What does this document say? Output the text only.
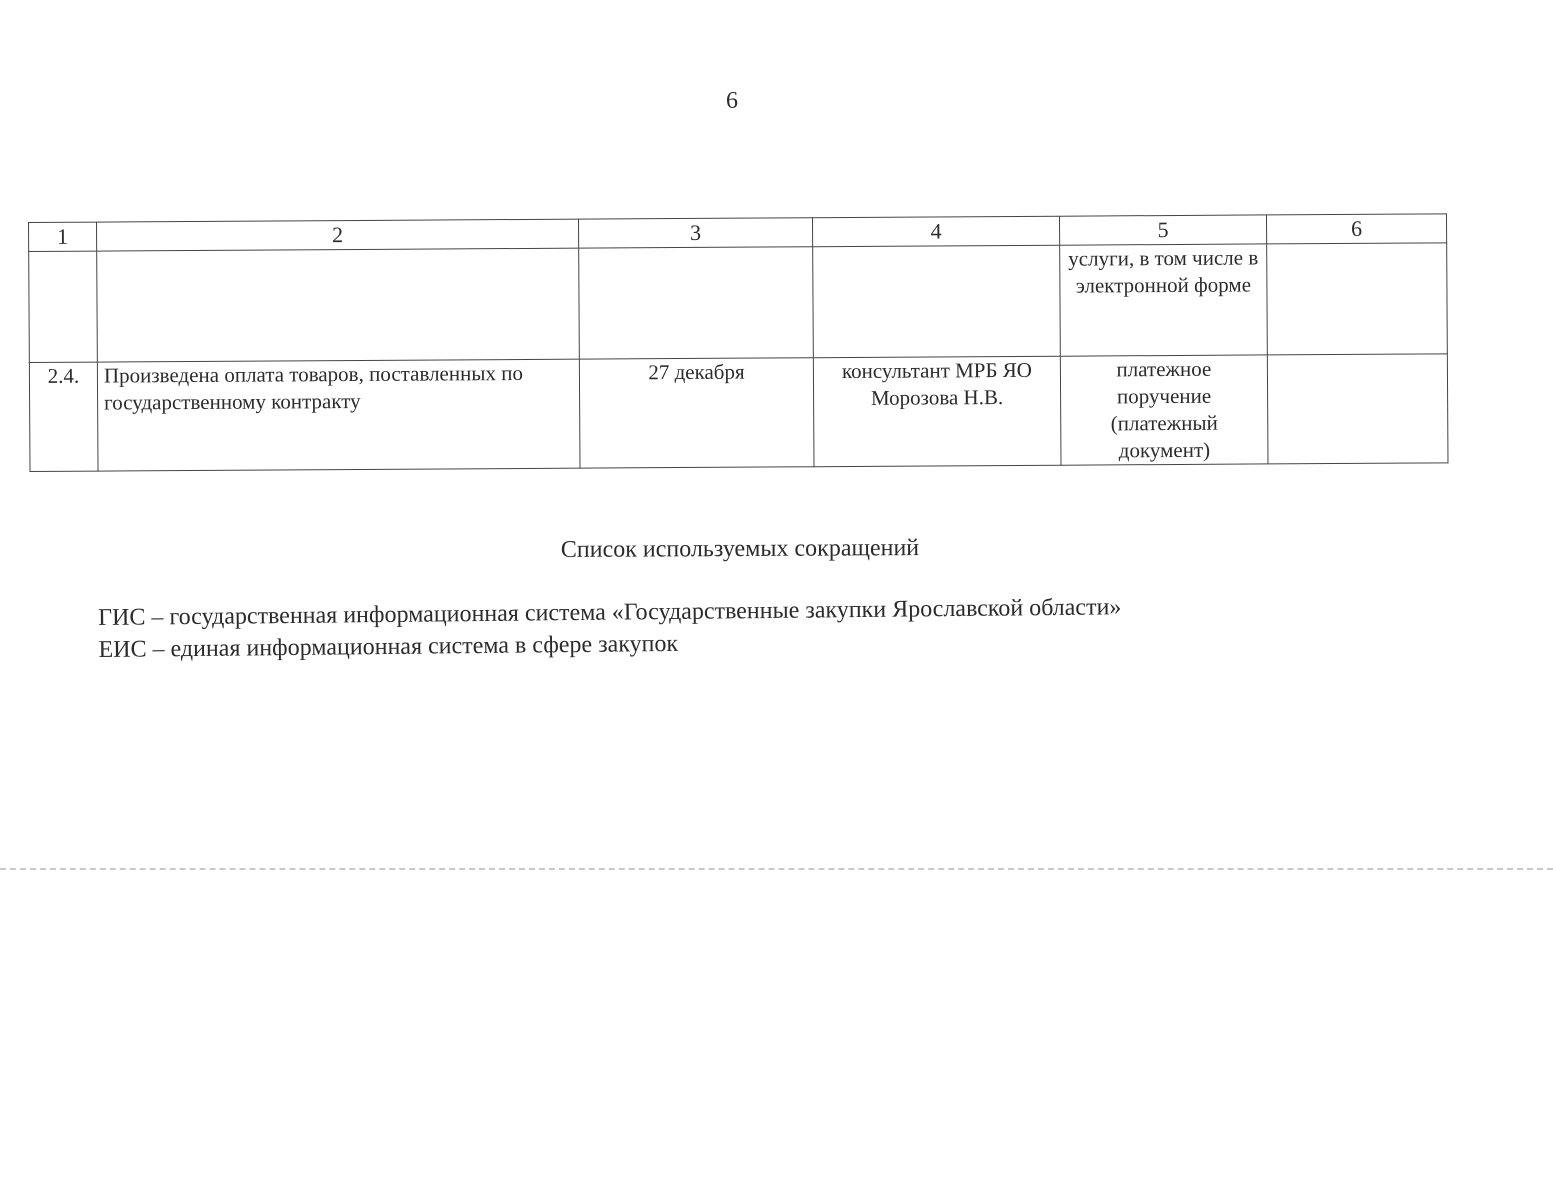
6
1	2	3	4	5	6
				услуги, в том числе в электронной форме	
2.4.	Произведена оплата товаров, поставленных по государственному контракту	27 декабря	консультант МРБ ЯО Морозова Н.В.	платежное поручение (платежный документ)	
Список используемых сокращений
ГИС – государственная информационная система «Государственные закупки Ярославской области»
ЕИС – единая информационная система в сфере закупок
